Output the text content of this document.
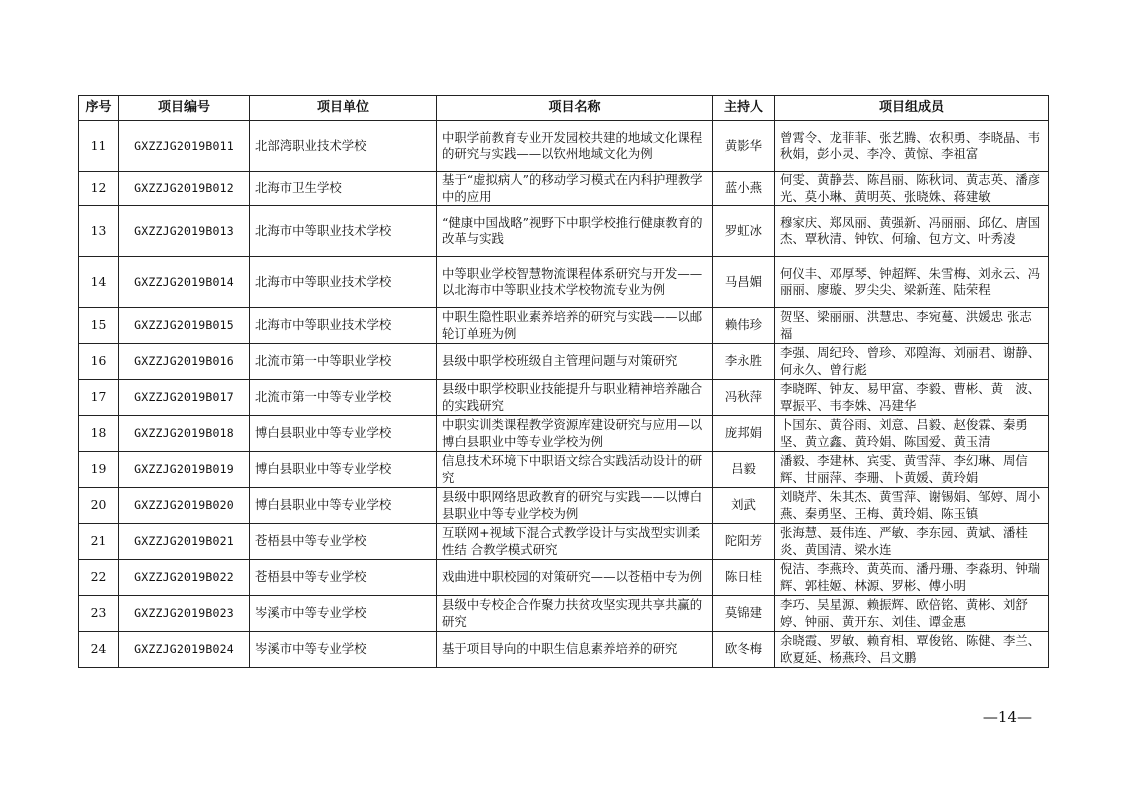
序号	项目编号	项目单位	项目名称	主持人	项目组成员
11	GXZZJG2019B011	北部湾职业技术学校	中职学前教育专业开发园校共建的地域文化课程的研究与实践——以钦州地域文化为例	黄影华	曾霄令、龙菲菲、张艺腾、农积勇、李晓晶、韦秋娟，彭小灵、李冷、黄惊、李祖富
12	GXZZJG2019B012	北海市卫生学校	基于“虚拟病人”的移动学习模式在内科护理教学中的应用	蓝小燕	何雯、黄静芸、陈昌丽、陈秋词、黄志英、潘彦光、莫小琳、黄明英、张晓姝、蒋建敏
13	GXZZJG2019B013	北海市中等职业技术学校	“健康中国战略”视野下中职学校推行健康教育的改革与实践	罗虹冰	穆家庆、郑凤丽、黄强新、冯丽丽、邱亿、唐国杰、覃秋清、钟钦、何瑜、包方文、叶秀凌
14	GXZZJG2019B014	北海市中等职业技术学校	中等职业学校智慧物流课程体系研究与开发——以北海市中等职业技术学校物流专业为例	马昌媚	何仪丰、邓厚琴、钟超辉、朱雪梅、刘永云、冯丽丽、廖璇、罗尖尖、梁新莲、陆荣程
15	GXZZJG2019B015	北海市中等职业技术学校	中职生隐性职业素养培养的研究与实践——以邮轮订单班为例	赖伟珍	贺坚、梁丽丽、洪慧忠、李宛蔓、洪媛忠 张志福
16	GXZZJG2019B016	北流市第一中等职业学校	县级中职学校班级自主管理问题与对策研究	李永胜	李强、周纪玲、曾珍、邓隍海、刘丽君、谢静、何永久、曾行彪
17	GXZZJG2019B017	北流市第一中等专业学校	县级中职学校职业技能提升与职业精神培养融合的实践研究	冯秋萍	李晓晖、钟友、易甲富、李毅、曹彬、黄　波、覃振平、韦李姝、冯建华
18	GXZZJG2019B018	博白县职业中等专业学校	中职实训类课程教学资源库建设研究与应用—以博白县职业中等专业学校为例	庞邦娟	卜国东、黄谷雨、刘意、吕毅、赵俊霖、秦勇坚、黄立鑫、黄玲娟、陈国爱、黄玉清
19	GXZZJG2019B019	博白县职业中等专业学校	信息技术环境下中职语文综合实践活动设计的研究	吕毅	潘毅、李建林、宾雯、黄雪萍、李幻琳、周信辉、甘丽萍、李珊、卜黄媛、黄玲娟
20	GXZZJG2019B020	博白县职业中等专业学校	县级中职网络思政教育的研究与实践——以博白县职业中等专业学校为例	刘武	刘晓芹、朱其杰、黄雪萍、谢锡娟、邹婷、周小燕、秦勇坚、王梅、黄玲娟、陈玉镇
21	GXZZJG2019B021	苍梧县中等专业学校	互联网+视域下混合式教学设计与实战型实训柔性结 合教学模式研究	陀阳芳	张海慧、聂伟连、严敏、李东园、黄斌、潘桂炎、黄国清、梁水连
22	GXZZJG2019B022	苍梧县中等专业学校	戏曲进中职校园的对策研究——以苍梧中专为例	陈日桂	倪洁、李燕玲、黄英而、潘丹珊、李淼玥、钟瑞辉、郭桂姬、林源、罗彬、傅小明
23	GXZZJG2019B023	岑溪市中等专业学校	县级中专校企合作聚力扶贫攻坚实现共享共赢的研究	莫锦建	李巧、吴星源、赖振辉、欧倍铭、黄彬、刘舒婷、钟丽、黄开东、刘佳、谭金惠
24	GXZZJG2019B024	岑溪市中等专业学校	基于项目导向的中职生信息素养培养的研究	欧冬梅	余晓霞、罗敏、赖育相、覃俊铭、陈健、李兰、欧夏延、杨燕玲、吕文鹏
—14—
